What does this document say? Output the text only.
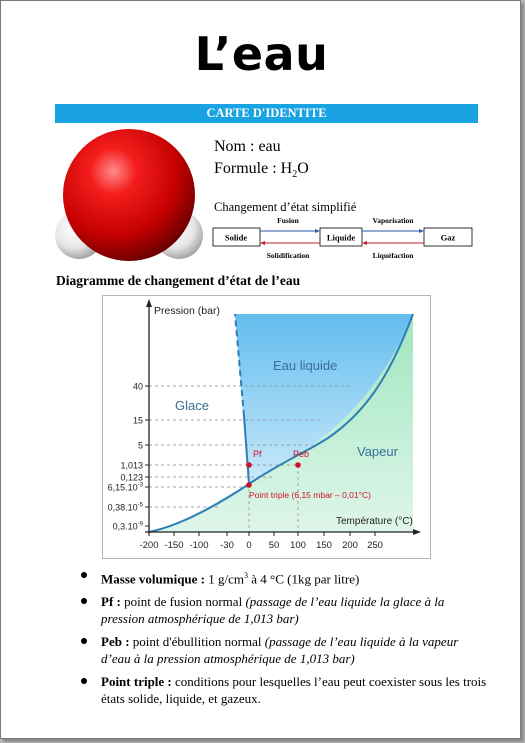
L’eau
CARTE D'IDENTITE
Nom : eau
Formule : $H_2O$
Changement d’état simplifié
Solide	Liquide	Gaz
Fusion	Vaporisation
Solidification	Liquéfaction
Diagramme de changement d’état de l’eau
-200 -150 -100 -30 0 50 100 150 200 250
40
15
5
1,013
0,123
$6,15.10^{-3}$
$0,38.10^{-5}$
$0,3.10^{-9}$
Pression (bar)
Température (°C)
Glace
Eau liquide
Vapeur
Pf	Peb
Point triple (6,15 mbar – 0,01°C)
Masse volumique : 1 $g/cm^3$ à 4 °C (1kg par litre)
Pf : point de fusion normal (passage de l’eau liquide la glace à la pression atmosphérique de 1,013 bar)
Peb : point d'ébullition normal (passage de l’eau liquide à la vapeur d’eau à la pression atmosphérique de 1,013 bar)
Point triple : conditions pour lesquelles l’eau peut coexister sous les trois états solide, liquide, et gazeux.
